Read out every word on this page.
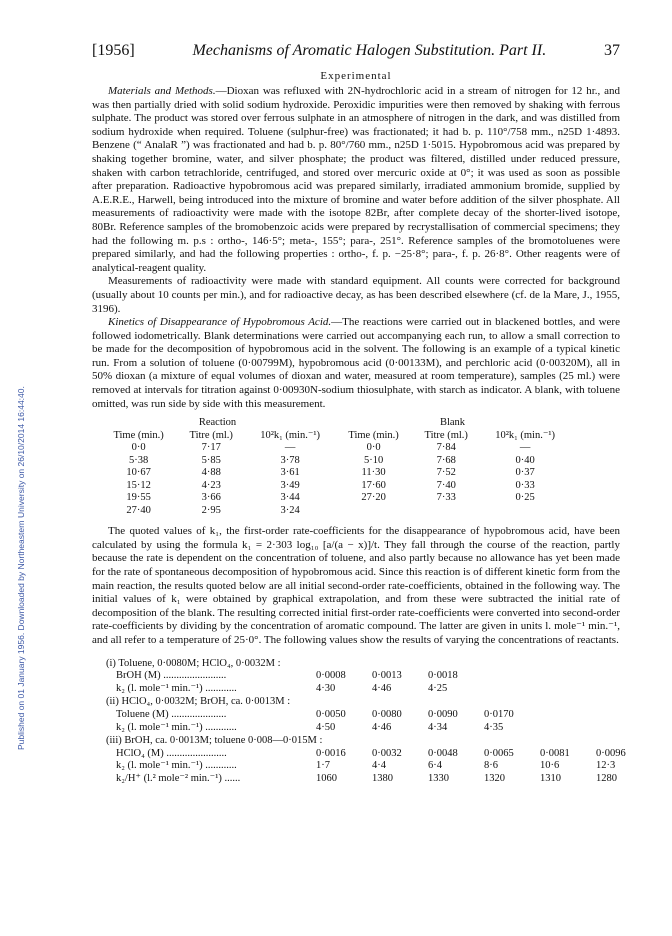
Published on 01 January 1956. Downloaded by Northeastern University on 26/10/2014 16:44:40.
[1956]	Mechanisms of Aromatic Halogen Substitution. Part II.	37
Experimental

Materials and Methods.—Dioxan was refluxed with 2N-hydrochloric acid in a stream of nitrogen for 12 hr., and was then partially dried with solid sodium hydroxide. Peroxidic impurities were then removed by shaking with ferrous sulphate. The product was stored over ferrous sulphate in an atmosphere of nitrogen in the dark, and was distilled from sodium hydroxide when required. Toluene (sulphur-free) was fractionated; it had b. p. 110°/758 mm., n25D 1·4893. Benzene (“ AnalaR ”) was fractionated and had b. p. 80°/760 mm., n25D 1·5015. Hypobromous acid was prepared by shaking together bromine, water, and silver phosphate; the product was filtered, distilled under reduced pressure, shaken with carbon tetrachloride, centrifuged, and stored over mercuric oxide at 0°; it was used as soon as possible after preparation. Radioactive hypobromous acid was prepared similarly, irradiated ammonium bromide, supplied by A.E.R.E., Harwell, being introduced into the mixture of bromine and water before addition of the silver phosphate. All measurements of radioactivity were made with the isotope 82Br, after complete decay of the shorter-lived isotope, 80Br. Reference samples of the bromobenzoic acids were prepared by recrystallisation of commercial specimens; they had the following m. p.s : ortho-, 146·5°; meta-, 155°; para-, 251°. Reference samples of the bromotoluenes were prepared similarly, and had the following properties : ortho-, f. p. −25·8°; para-, f. p. 26·8°. Other reagents were of analytical-reagent quality.

Measurements of radioactivity were made with standard equipment. All counts were corrected for background (usually about 10 counts per min.), and for radioactive decay, as has been described elsewhere (cf. de la Mare, J., 1955, 3196).

Kinetics of Disappearance of Hypobromous Acid.—The reactions were carried out in blackened bottles, and were followed iodometrically. Blank determinations were carried out accompanying each run, to allow a small correction to be made for the decomposition of hypobromous acid in the solvent. The following is an example of a typical kinetic run. From a solution of toluene (0·00799M), hypobromous acid (0·00133M), and perchloric acid (0·00320M), all in 50% dioxan (a mixture of equal volumes of dioxan and water, measured at room temperature), samples (25 ml.) were removed at intervals for titration against 0·00930N-sodium thiosulphate, with starch as indicator. A blank, with toluene omitted, was run side by side with this measurement.

Reaction			Blank		
Time (min.)	Titre (ml.)	10²k₁ (min.⁻¹)	Time (min.)	Titre (ml.)	10²k₁ (min.⁻¹)
0·0	7·17	—	0·0	7·84	—
5·38	5·85	3·78	5·10	7·68	0·40
10·67	4·88	3·61	11·30	7·52	0·37
15·12	4·23	3·49	17·60	7·40	0·33
19·55	3·66	3·44	27·20	7·33	0·25
27·40	2·95	3·24			

The quoted values of k₁, the first-order rate-coefficients for the disappearance of hypobromous acid, have been calculated by using the formula k₁ = 2·303 log₁₀ [a/(a − x)]/t. They fall through the course of the reaction, partly because the rate is dependent on the concentration of toluene, and also partly because no allowance has yet been made for the rate of spontaneous decomposition of hypobromous acid. Since this reaction is of different kinetic form from the main reaction, the results quoted below are all initial second-order rate-coefficients, obtained in the following way. The initial values of k₁ were obtained by graphical extrapolation, and from these were subtracted the initial rate of decomposition of the blank. The resulting corrected initial first-order rate-coefficients were converted into second-order rate-coefficients by dividing by the concentration of aromatic compound. The latter are given in units l. mole⁻¹ min.⁻¹, and all refer to a temperature of 25·0°. The following values show the results of varying the concentrations of reactants.

(i) Toluene, 0·0080M; HClO₄, 0·0032M :
BrOH (M) ........................	0·0008	0·0013	0·0018
k₂ (l. mole⁻¹ min.⁻¹) ............	4·30	4·46	4·25
(ii) HClO₄, 0·0032M; BrOH, ca. 0·0013M :
Toluene (M) .....................	0·0050	0·0080	0·0090	0·0170
k₂ (l. mole⁻¹ min.⁻¹) ............	4·50	4·46	4·34	4·35
(iii) BrOH, ca. 0·0013M; toluene 0·008—0·015M :
HClO₄ (M) .......................	0·0016	0·0032	0·0048	0·0065	0·0081	0·0096
k₂ (l. mole⁻¹ min.⁻¹) ............	1·7	4·4	6·4	8·6	10·6	12·3
k₂/H⁺ (l.² mole⁻² min.⁻¹) ......	1060	1380	1330	1320	1310	1280
